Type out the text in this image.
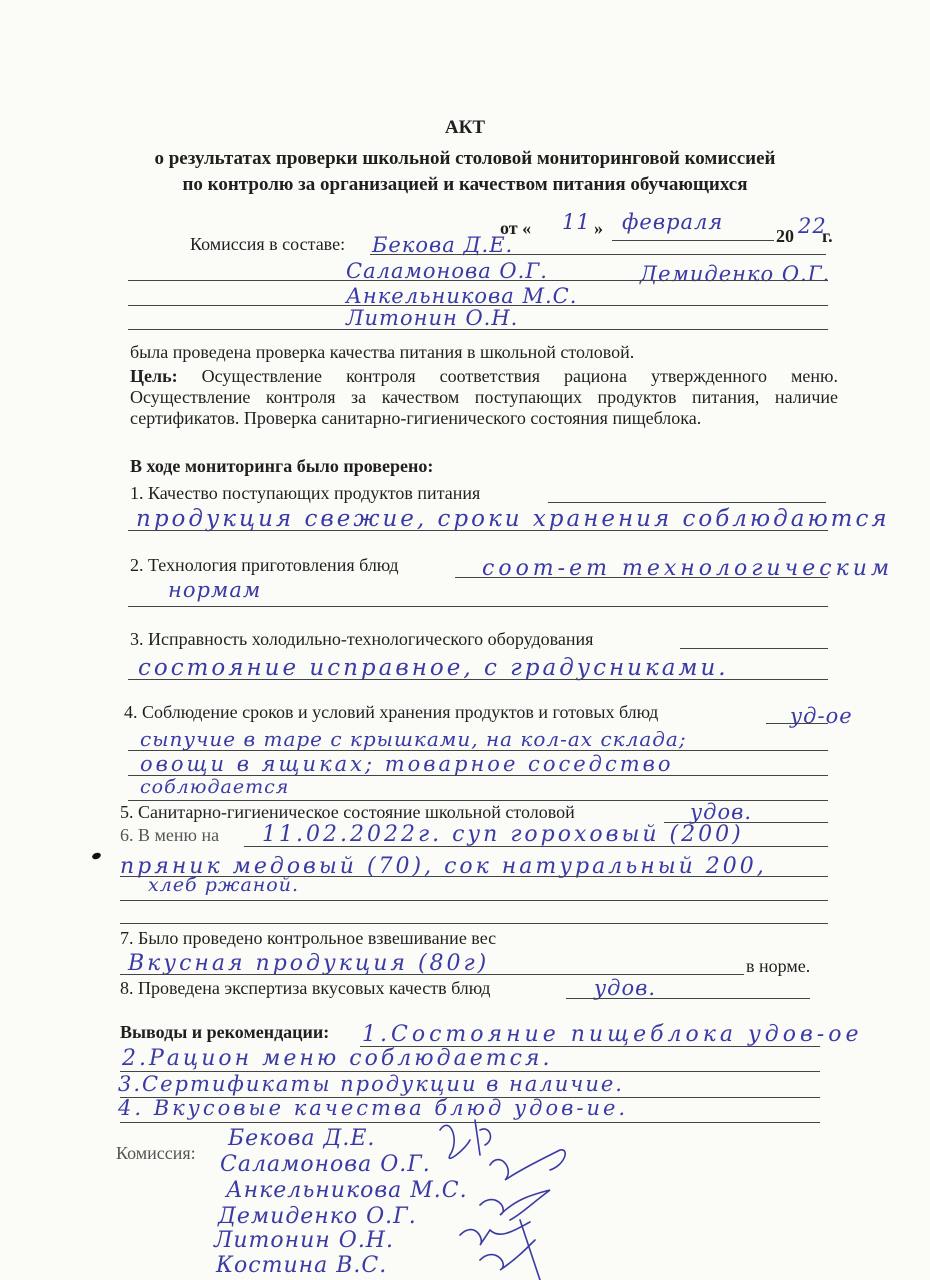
АКТ
о результатах проверки школьной столовой мониторинговой комиссией
по контролю за организацией и качеством питания обучающихся
от « 11 » февраля
20 22
г.
Комиссия в составе: Бекова Д.Е.
Саламонова О.Г.	Демиденко О.Г.
Анкельникова М.С.
Литонин О.Н.
была проведена проверка качества питания в школьной столовой.
Цель: Осуществление контроля соответствия рациона утвержденного меню. Осуществление контроля за качеством поступающих продуктов питания, наличие сертификатов. Проверка санитарно-гигиенического состояния пищеблока.
В ходе мониторинга было проверено:
1. Качество поступающих продуктов питания
продукция свежие, сроки хранения соблюдаются
2. Технология приготовления блюд	соот-ет технологическим
нормам
3. Исправность холодильно-технологического оборудования
состояние исправное, с градусниками.
4. Соблюдение сроков и условий хранения продуктов и готовых блюд	уд-ое
сыпучие в таре с крышками, на кол-ах склада;
овощи в ящиках; товарное соседство
соблюдается
5. Санитарно-гигиеническое состояние школьной столовой	удов.
6. В меню на 11.02.2022г. суп гороховый (200)
пряник медовый (70), сок натуральный 200,
хлеб ржаной.
7. Было проведено контрольное взвешивание вес
Вкусная продукция (80г)	в норме.
8. Проведена экспертиза вкусовых качеств блюд	удов.
Выводы и рекомендации: 1.Состояние пищеблока удов-ое
2.Рацион меню соблюдается.
3.Сертификаты продукции в наличие.
4. Вкусовые качества блюд удов-ие.
Комиссия:
Бекова Д.Е.
Саламонова О.Г.
Анкельникова М.С.
Демиденко О.Г.
Литонин О.Н.
Костина В.С.
